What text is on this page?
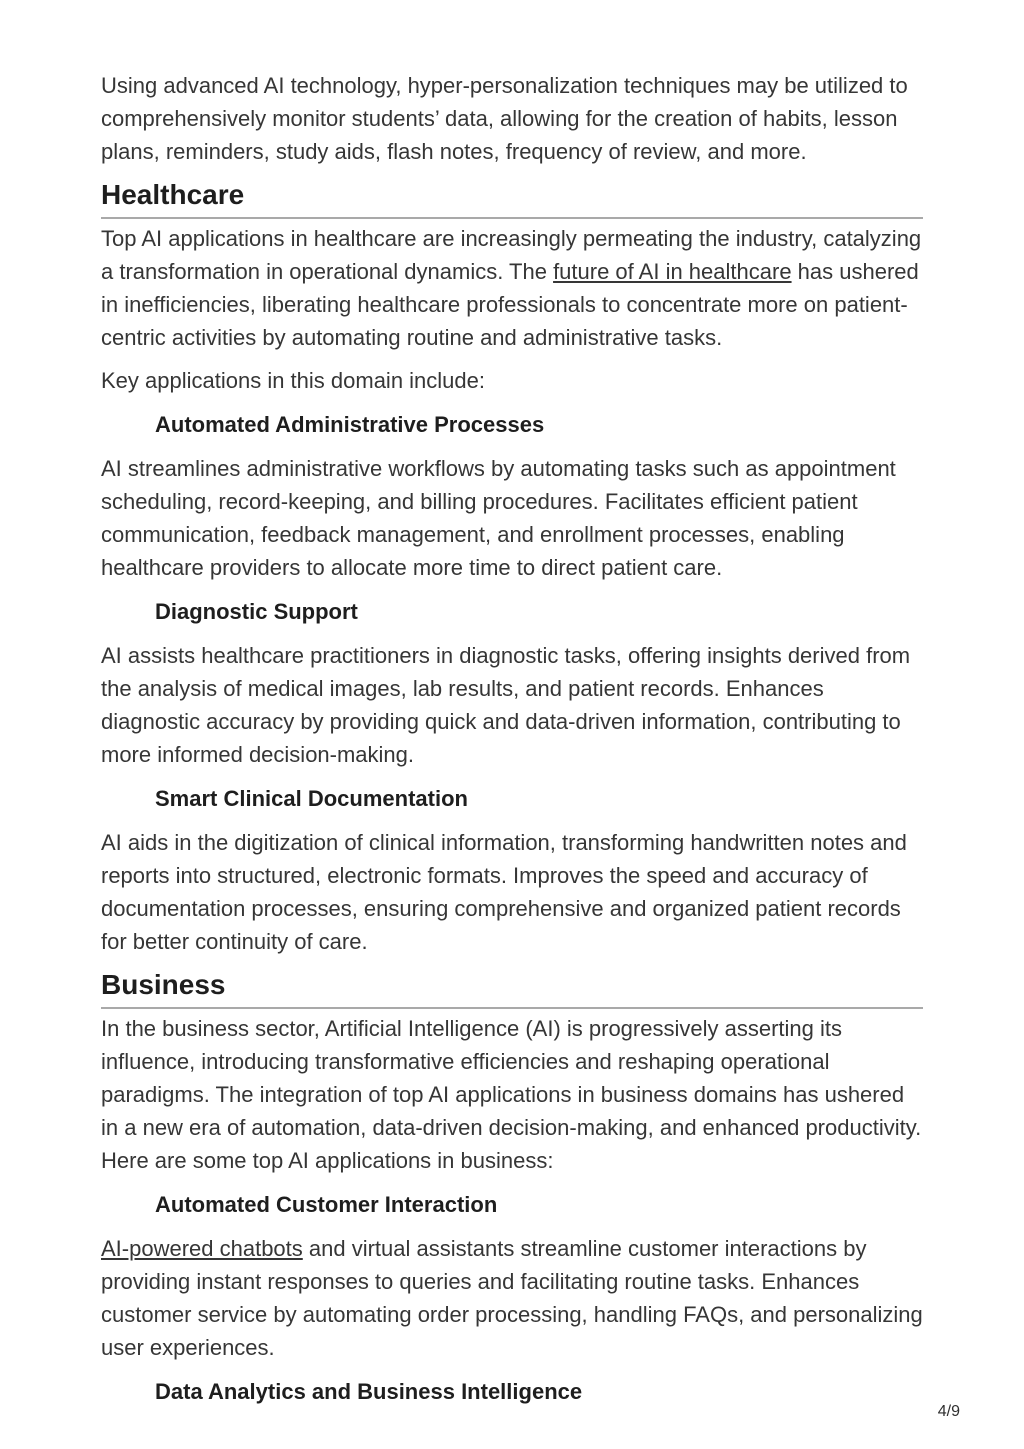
Using advanced AI technology, hyper-personalization techniques may be utilized to comprehensively monitor students’ data, allowing for the creation of habits, lesson plans, reminders, study aids, flash notes, frequency of review, and more.

Healthcare

Top AI applications in healthcare are increasingly permeating the industry, catalyzing a transformation in operational dynamics. The future of AI in healthcare has ushered in inefficiencies, liberating healthcare professionals to concentrate more on patient-centric activities by automating routine and administrative tasks.

Key applications in this domain include:

Automated Administrative Processes

AI streamlines administrative workflows by automating tasks such as appointment scheduling, record-keeping, and billing procedures. Facilitates efficient patient communication, feedback management, and enrollment processes, enabling healthcare providers to allocate more time to direct patient care.

Diagnostic Support

AI assists healthcare practitioners in diagnostic tasks, offering insights derived from the analysis of medical images, lab results, and patient records. Enhances diagnostic accuracy by providing quick and data-driven information, contributing to more informed decision-making.

Smart Clinical Documentation

AI aids in the digitization of clinical information, transforming handwritten notes and reports into structured, electronic formats. Improves the speed and accuracy of documentation processes, ensuring comprehensive and organized patient records for better continuity of care.

Business

In the business sector, Artificial Intelligence (AI) is progressively asserting its influence, introducing transformative efficiencies and reshaping operational paradigms. The integration of top AI applications in business domains has ushered in a new era of automation, data-driven decision-making, and enhanced productivity. Here are some top AI applications in business:

Automated Customer Interaction

AI-powered chatbots and virtual assistants streamline customer interactions by providing instant responses to queries and facilitating routine tasks. Enhances customer service by automating order processing, handling FAQs, and personalizing user experiences.

Data Analytics and Business Intelligence
4/9
